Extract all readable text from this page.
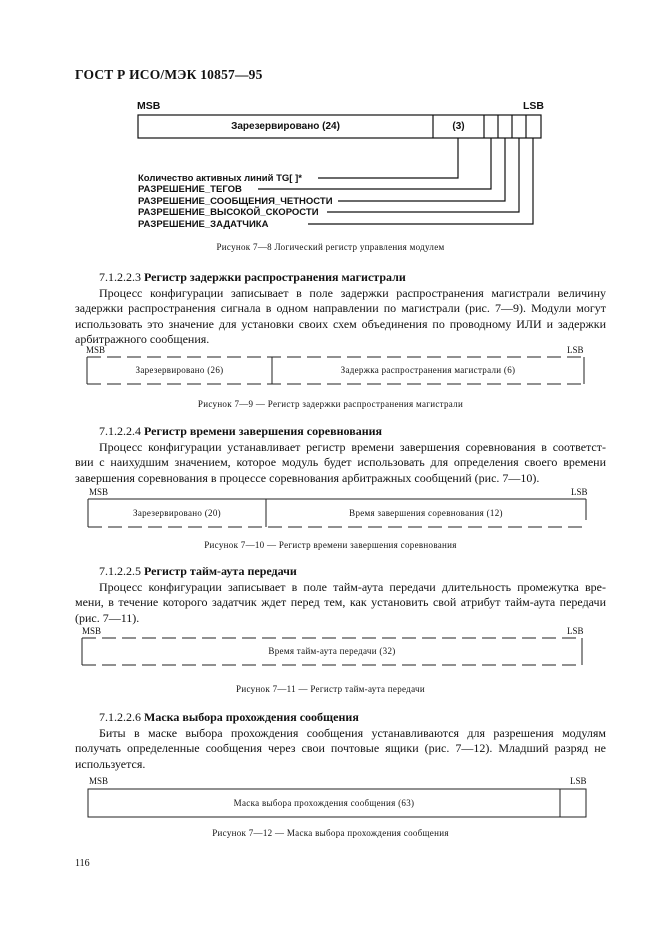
ГОСТ Р ИСО/МЭК 10857—95
MSB	LSB
Зарезервировано (24)	(3)
Количество активных линий TG[ ]*
РАЗРЕШЕНИЕ_ТЕГОВ
РАЗРЕШЕНИЕ_СООБЩЕНИЯ_ЧЕТНОСТИ
РАЗРЕШЕНИЕ_ВЫСОКОЙ_СКОРОСТИ
РАЗРЕШЕНИЕ_ЗАДАТЧИКА
Рисунок 7—8 Логический регистр управления модулем
7.1.2.2.3 Регистр задержки распространения магистрали
Процесс конфигурации записывает в поле задержки распространения магистрали величину
задержки распространения сигнала в одном направлении по магистрали (рис. 7—9). Модули могут
использовать это значение для установки своих схем объединения по проводному ИЛИ и задержки
арбитражного сообщения.
MSB	LSB
Зарезервировано (26)	Задержка распространения магистрали (6)
Рисунок 7—9 — Регистр задержки распространения магистрали
7.1.2.2.4 Регистр времени завершения соревнования
Процесс конфигурации устанавливает регистр времени завершения соревнования в соответст-
вии с наихудшим значением, которое модуль будет использовать для определения своего времени
завершения соревнования в процессе соревнования арбитражных сообщений (рис. 7—10).
MSB	LSB
Зарезервировано (20)	Время завершения соревнования (12)
Рисунок 7—10 — Регистр времени завершения соревнования
7.1.2.2.5 Регистр тайм-аута передачи
Процесс конфигурации записывает в поле тайм-аута передачи длительность промежутка вре-
мени, в течение которого задатчик ждет перед тем, как установить свой атрибут тайм-аута передачи
(рис. 7—11).
MSB	LSB
Время тайм-аута передачи (32)
Рисунок 7—11 — Регистр тайм-аута передачи
7.1.2.2.6 Маска выбора прохождения сообщения
Биты в маске выбора прохождения сообщения устанавливаются для разрешения модулям
получать определенные сообщения через свои почтовые ящики (рис. 7—12). Младший разряд не
используется.
MSB	LSB
Маска выбора прохождения сообщения (63)
Рисунок 7—12 — Маска выбора прохождения сообщения
116
